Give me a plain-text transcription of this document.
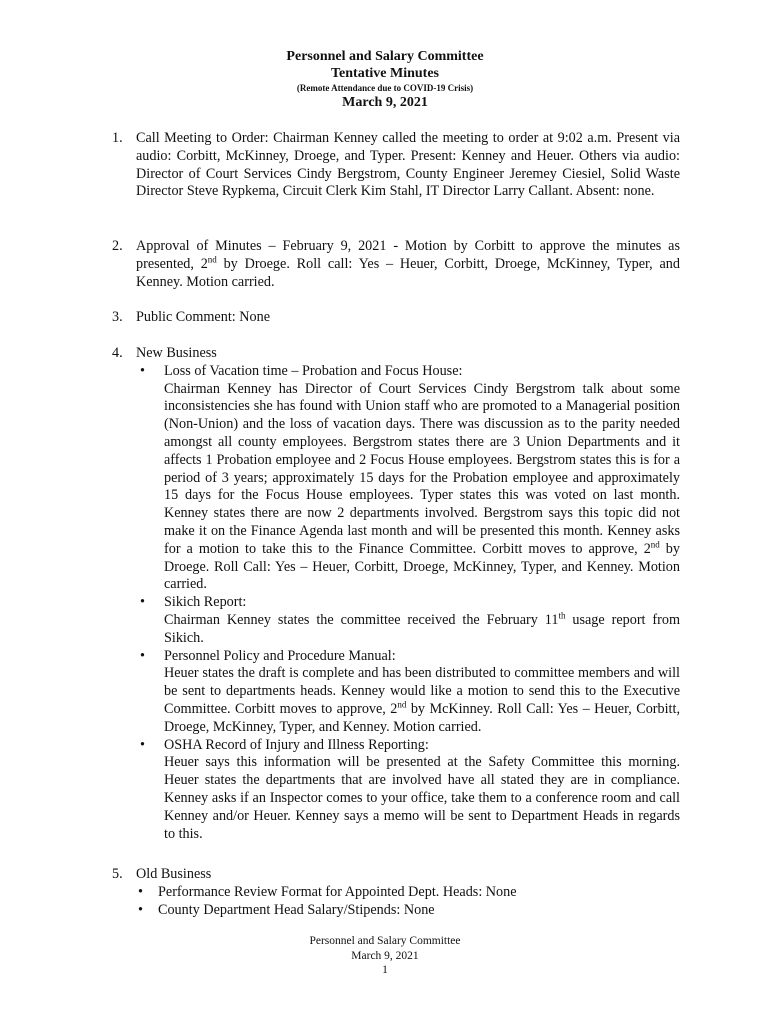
Personnel and Salary Committee
Tentative Minutes
(Remote Attendance due to COVID-19 Crisis)
March 9, 2021
1. Call Meeting to Order: Chairman Kenney called the meeting to order at 9:02 a.m. Present via audio: Corbitt, McKinney, Droege, and Typer. Present: Kenney and Heuer. Others via audio: Director of Court Services Cindy Bergstrom, County Engineer Jeremey Ciesiel, Solid Waste Director Steve Rypkema, Circuit Clerk Kim Stahl, IT Director Larry Callant. Absent: none.
2. Approval of Minutes – February 9, 2021 - Motion by Corbitt to approve the minutes as presented, 2nd by Droege. Roll call: Yes – Heuer, Corbitt, Droege, McKinney, Typer, and Kenney. Motion carried.
3. Public Comment: None
4. New Business
• Loss of Vacation time – Probation and Focus House:
Chairman Kenney has Director of Court Services Cindy Bergstrom talk about some inconsistencies she has found with Union staff who are promoted to a Managerial position (Non-Union) and the loss of vacation days. There was discussion as to the parity needed amongst all county employees. Bergstrom states there are 3 Union Departments and it affects 1 Probation employee and 2 Focus House employees. Bergstrom states this is for a period of 3 years; approximately 15 days for the Probation employee and approximately 15 days for the Focus House employees. Typer states this was voted on last month. Kenney states there are now 2 departments involved. Bergstrom says this topic did not make it on the Finance Agenda last month and will be presented this month. Kenney asks for a motion to take this to the Finance Committee. Corbitt moves to approve, 2nd by Droege. Roll Call: Yes – Heuer, Corbitt, Droege, McKinney, Typer, and Kenney. Motion carried.
• Sikich Report:
Chairman Kenney states the committee received the February 11th usage report from Sikich.
• Personnel Policy and Procedure Manual:
Heuer states the draft is complete and has been distributed to committee members and will be sent to departments heads. Kenney would like a motion to send this to the Executive Committee. Corbitt moves to approve, 2nd by McKinney. Roll Call: Yes – Heuer, Corbitt, Droege, McKinney, Typer, and Kenney. Motion carried.
• OSHA Record of Injury and Illness Reporting:
Heuer says this information will be presented at the Safety Committee this morning. Heuer states the departments that are involved have all stated they are in compliance. Kenney asks if an Inspector comes to your office, take them to a conference room and call Kenney and/or Heuer. Kenney says a memo will be sent to Department Heads in regards to this.
5. Old Business
• Performance Review Format for Appointed Dept. Heads: None
• County Department Head Salary/Stipends: None
Personnel and Salary Committee
March 9, 2021
1
